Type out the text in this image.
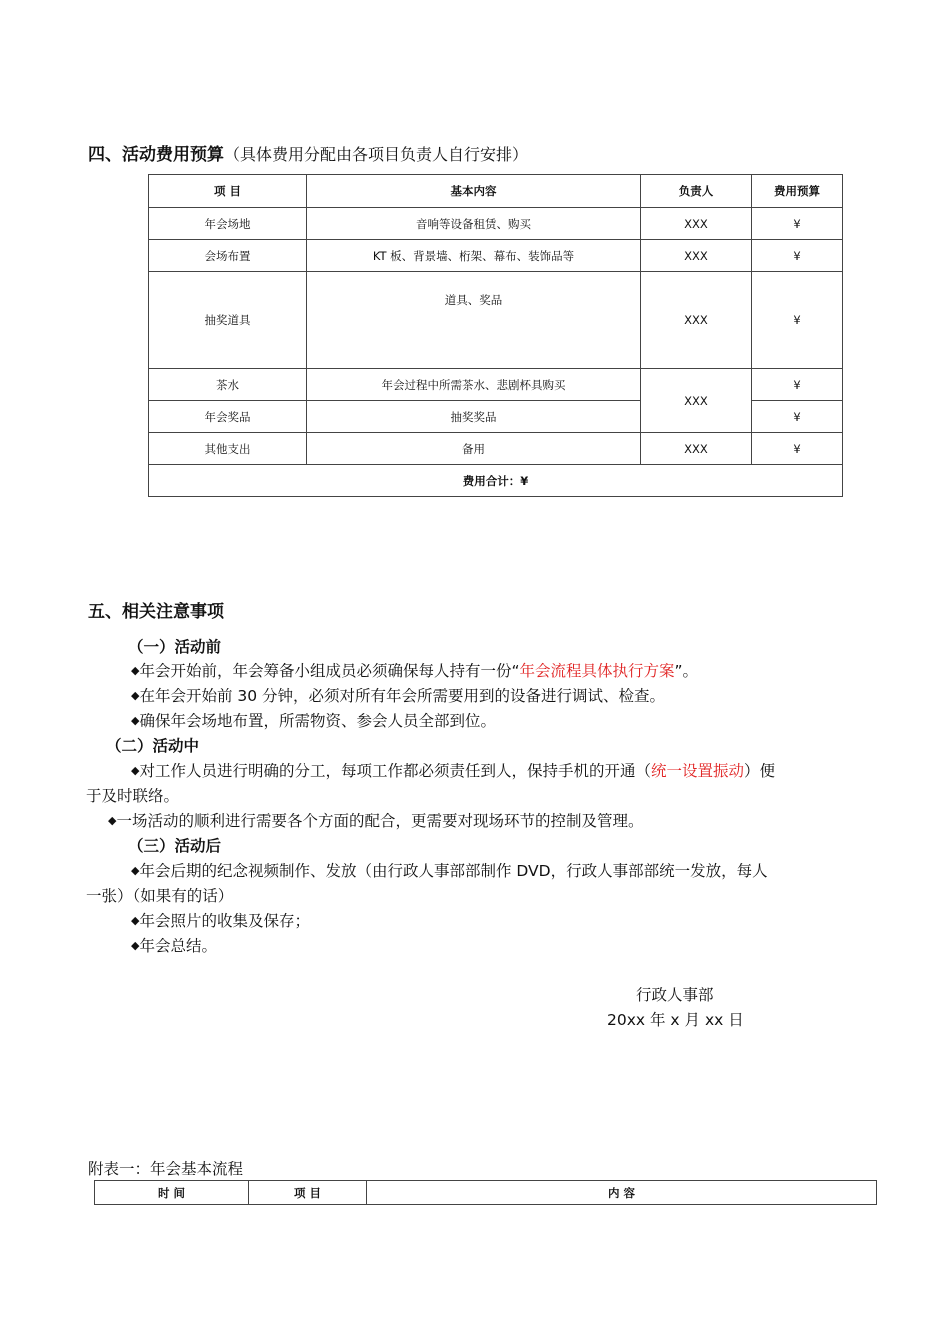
四、活动费用预算（具体费用分配由各项目负责人自行安排）
项 目	基本内容	负责人	费用预算
年会场地	音响等设备租赁、购买	XXX	¥
会场布置	KT 板、背景墙、桁架、幕布、装饰品等	XXX	¥
抽奖道具	道具、奖品	XXX	¥
茶水	年会过程中所需茶水、悲剧杯具购买	XXX	¥
年会奖品	抽奖奖品		¥
其他支出	备用	XXX	¥
费用合计：¥			
五、相关注意事项
（一）活动前
◆年会开始前，年会筹备小组成员必须确保每人持有一份“年会流程具体执行方案”。
◆在年会开始前 30 分钟，必须对所有年会所需要用到的设备进行调试、检查。
◆确保年会场地布置，所需物资、参会人员全部到位。
（二）活动中
◆对工作人员进行明确的分工，每项工作都必须责任到人，保持手机的开通（统一设置振动）便
于及时联络。
◆一场活动的顺利进行需要各个方面的配合，更需要对现场环节的控制及管理。
（三）活动后
◆年会后期的纪念视频制作、发放（由行政人事部部制作 DVD，行政人事部部统一发放，每人
一张）（如果有的话）
◆年会照片的收集及保存；
◆年会总结。
行政人事部
20xx 年 x 月 xx 日
附表一：年会基本流程
时 间	项 目	内 容
